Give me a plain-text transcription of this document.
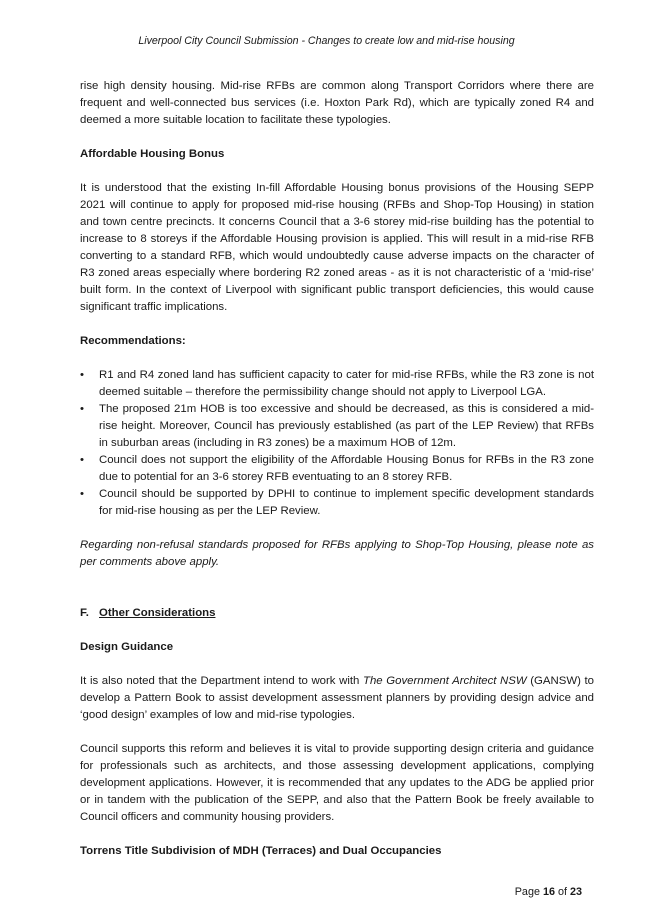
Liverpool City Council Submission - Changes to create low and mid-rise housing

rise high density housing. Mid-rise RFBs are common along Transport Corridors where there are frequent and well-connected bus services (i.e. Hoxton Park Rd), which are typically zoned R4 and deemed a more suitable location to facilitate these typologies.

Affordable Housing Bonus

It is understood that the existing In-fill Affordable Housing bonus provisions of the Housing SEPP 2021 will continue to apply for proposed mid-rise housing (RFBs and Shop-Top Housing) in station and town centre precincts. It concerns Council that a 3-6 storey mid-rise building has the potential to increase to 8 storeys if the Affordable Housing provision is applied. This will result in a mid-rise RFB converting to a standard RFB, which would undoubtedly cause adverse impacts on the character of R3 zoned areas especially where bordering R2 zoned areas - as it is not characteristic of a ‘mid-rise’ built form. In the context of Liverpool with significant public transport deficiencies, this would cause significant traffic implications.

Recommendations:

• R1 and R4 zoned land has sufficient capacity to cater for mid-rise RFBs, while the R3 zone is not deemed suitable – therefore the permissibility change should not apply to Liverpool LGA.
• The proposed 21m HOB is too excessive and should be decreased, as this is considered a mid-rise height. Moreover, Council has previously established (as part of the LEP Review) that RFBs in suburban areas (including in R3 zones) be a maximum HOB of 12m.
• Council does not support the eligibility of the Affordable Housing Bonus for RFBs in the R3 zone due to potential for an 3-6 storey RFB eventuating to an 8 storey RFB.
• Council should be supported by DPHI to continue to implement specific development standards for mid-rise housing as per the LEP Review.

Regarding non-refusal standards proposed for RFBs applying to Shop-Top Housing, please note as per comments above apply.

F. Other Considerations

Design Guidance

It is also noted that the Department intend to work with The Government Architect NSW (GANSW) to develop a Pattern Book to assist development assessment planners by providing design advice and ‘good design’ examples of low and mid-rise typologies.

Council supports this reform and believes it is vital to provide supporting design criteria and guidance for professionals such as architects, and those assessing development applications, complying development applications. However, it is recommended that any updates to the ADG be applied prior or in tandem with the publication of the SEPP, and also that the Pattern Book be freely available to Council officers and community housing providers.

Torrens Title Subdivision of MDH (Terraces) and Dual Occupancies

Page 16 of 23
